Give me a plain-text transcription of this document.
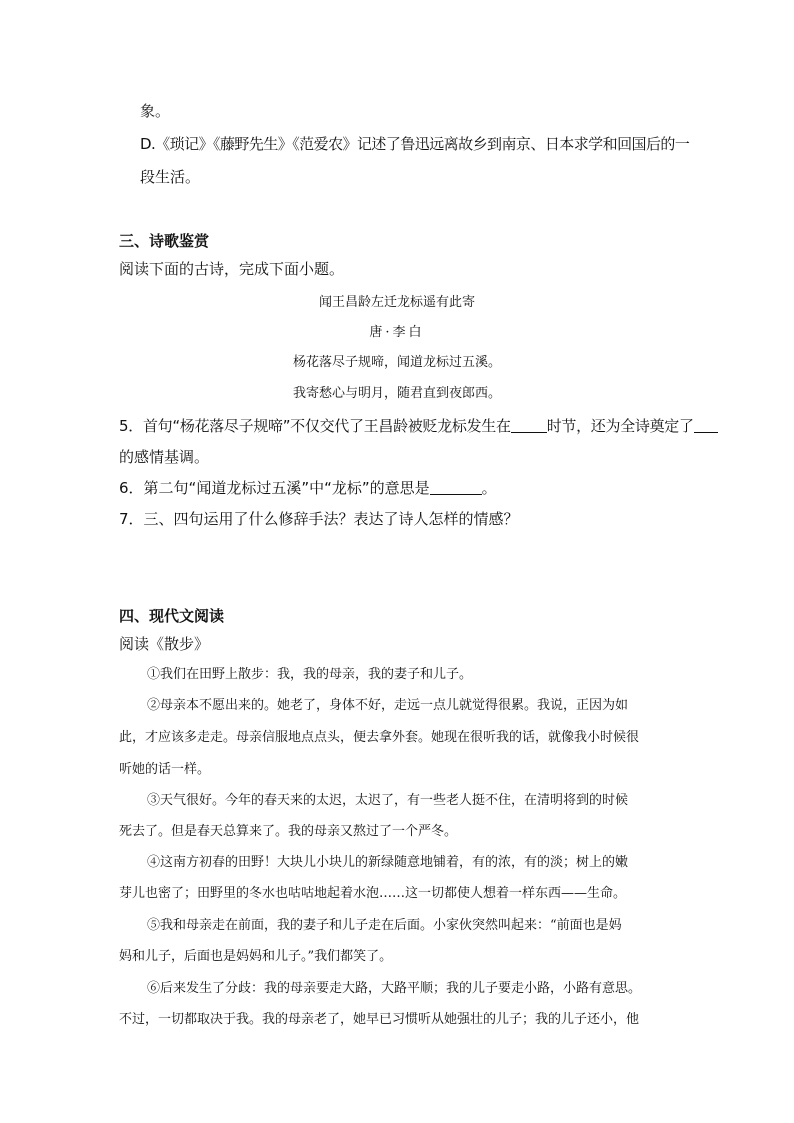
象。
D.《琐记》《藤野先生》《范爱农》记述了鲁迅远离故乡到南京、日本求学和回国后的一
段生活。
三、诗歌鉴赏
阅读下面的古诗，完成下面小题。
闻王昌龄左迁龙标遥有此寄
唐·李白
杨花落尽子规啼，闻道龙标过五溪。
我寄愁心与明月，随君直到夜郎西。
5．首句“杨花落尽子规啼”不仅交代了王昌龄被贬龙标发生在 时节，还为全诗奠定了
的感情基调。
6．第二句“闻道龙标过五溪”中“龙标”的意思是	。
7．三、四句运用了什么修辞手法？表达了诗人怎样的情感？
四、现代文阅读
阅读《散步》
①我们在田野上散步：我，我的母亲，我的妻子和儿子。
②母亲本不愿出来的。她老了，身体不好，走远一点儿就觉得很累。我说，正因为如
此，才应该多走走。母亲信服地点点头，便去拿外套。她现在很听我的话，就像我小时候很
听她的话一样。
③天气很好。今年的春天来的太迟，太迟了，有一些老人挺不住，在清明将到的时候
死去了。但是春天总算来了。我的母亲又熬过了一个严冬。
④这南方初春的田野！大块儿小块儿的新绿随意地铺着，有的浓，有的淡；树上的嫩
芽儿也密了；田野里的冬水也咕咕地起着水泡……这一切都使人想着一样东西——生命。
⑤我和母亲走在前面，我的妻子和儿子走在后面。小家伙突然叫起来：“前面也是妈
妈和儿子，后面也是妈妈和儿子。”我们都笑了。
⑥后来发生了分歧：我的母亲要走大路，大路平顺；我的儿子要走小路，小路有意思。
不过，一切都取决于我。我的母亲老了，她早已习惯听从她强壮的儿子；我的儿子还小，他
